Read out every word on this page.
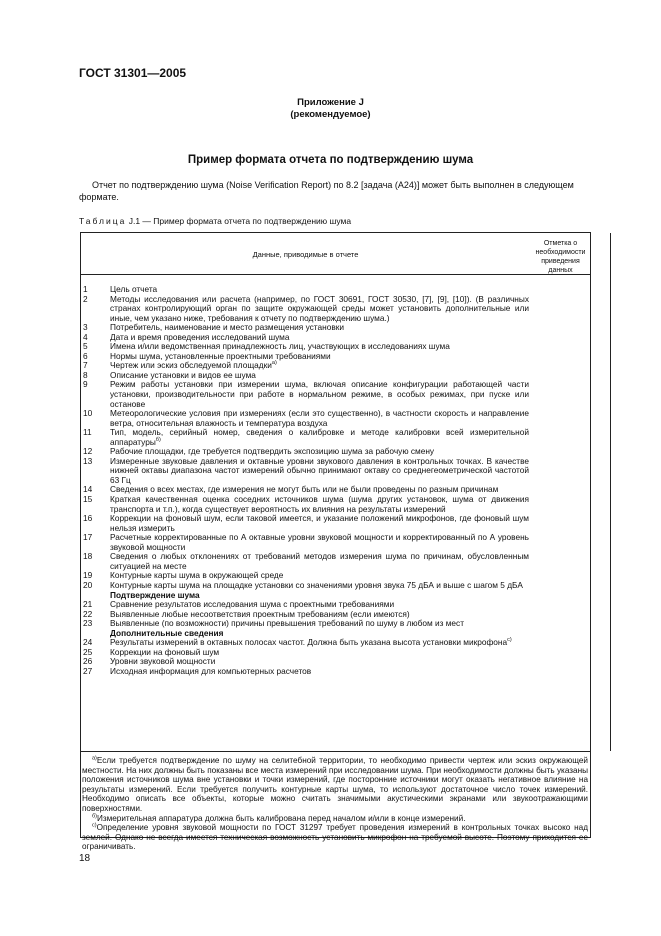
ГОСТ 31301—2005
Приложение J
(рекомендуемое)
Пример формата отчета по подтверждению шума
Отчет по подтверждению шума (Noise Verification Report) по 8.2 [задача (А24)] может быть выполнен в следующем формате.
Таблица J.1 — Пример формата отчета по подтверждению шума
Данные, приводимые в отчете
Отметка о необходимости приведения данных
1	Цель отчета
2	Методы исследования или расчета (например, по ГОСТ 30691, ГОСТ 30530, [7], [9], [10]). (В различных странах контролирующий орган по защите окружающей среды может установить дополнительные или иные, чем указано ниже, требования к отчету по подтверждению шума.)
3	Потребитель, наименование и место размещения установки
4	Дата и время проведения исследований шума
5	Имена и/или ведомственная принадлежность лиц, участвующих в исследованиях шума
6	Нормы шума, установленные проектными требованиями
7	Чертеж или эскиз обследуемой площадки$^{а)}$
8	Описание установки и видов ее шума
9	Режим работы установки при измерении шума, включая описание конфигурации работающей части установки, производительности при работе в нормальном режиме, в особых режимах, при пуске или останове
10	Метеорологические условия при измерениях (если это существенно), в частности скорость и направление ветра, относительная влажность и температура воздуха
11	Тип, модель, серийный номер, сведения о калибровке и методе калибровки всей измерительной аппаратуры$^{б)}$
12	Рабочие площадки, где требуется подтвердить экспозицию шума за рабочую смену
13	Измеренные звуковые давления и октавные уровни звукового давления в контрольных точках. В качестве нижней октавы диапазона частот измерений обычно принимают октаву со среднегеометрической частотой 63 Гц
14	Сведения о всех местах, где измерения не могут быть или не были проведены по разным причинам
15	Краткая качественная оценка соседних источников шума (шума других установок, шума от движения транспорта и т.п.), когда существует вероятность их влияния на результаты измерений
16	Коррекции на фоновый шум, если таковой имеется, и указание положений микрофонов, где фоновый шум нельзя измерить
17	Расчетные корректированные по А октавные уровни звуковой мощности и корректированный по А уровень звуковой мощности
18	Сведения о любых отклонениях от требований методов измерения шума по причинам, обусловленным ситуацией на месте
19	Контурные карты шума в окружающей среде
20	Контурные карты шума на площадке установки со значениями уровня звука 75 дБА и выше с шагом 5 дБА
Подтверждение шума
21	Сравнение результатов исследования шума с проектными требованиями
22	Выявленные любые несоответствия проектным требованиям (если имеются)
23	Выявленные (по возможности) причины превышения требований по шуму в любом из мест
Дополнительные сведения
24	Результаты измерений в октавных полосах частот. Должна быть указана высота установки микрофона$^{с)}$
25	Коррекции на фоновый шум
26	Уровни звуковой мощности
27	Исходная информация для компьютерных расчетов
$^{а)}$Если требуется подтверждение по шуму на селитебной территории, то необходимо привести чертеж или эскиз окружающей местности. На них должны быть показаны все места измерений при исследовании шума. При необходимости должны быть указаны положения источников шума вне установки и точки измерений, где посторонние источники могут оказать негативное влияние на результаты измерений. Если требуется получить контурные карты шума, то используют достаточное число точек измерений. Необходимо описать все объекты, которые можно считать значимыми акустическими экранами или звукоотражающими поверхностями.
$^{б)}$Измерительная аппаратура должна быть калибрована перед началом и/или в конце измерений.
$^{с)}$Определение уровня звуковой мощности по ГОСТ 31297 требует проведения измерений в контрольных точках высоко над землей. Однако не всегда имеется техническая возможность установить микрофон на требуемой высоте. Поэтому приходится ее ограничивать.
18
